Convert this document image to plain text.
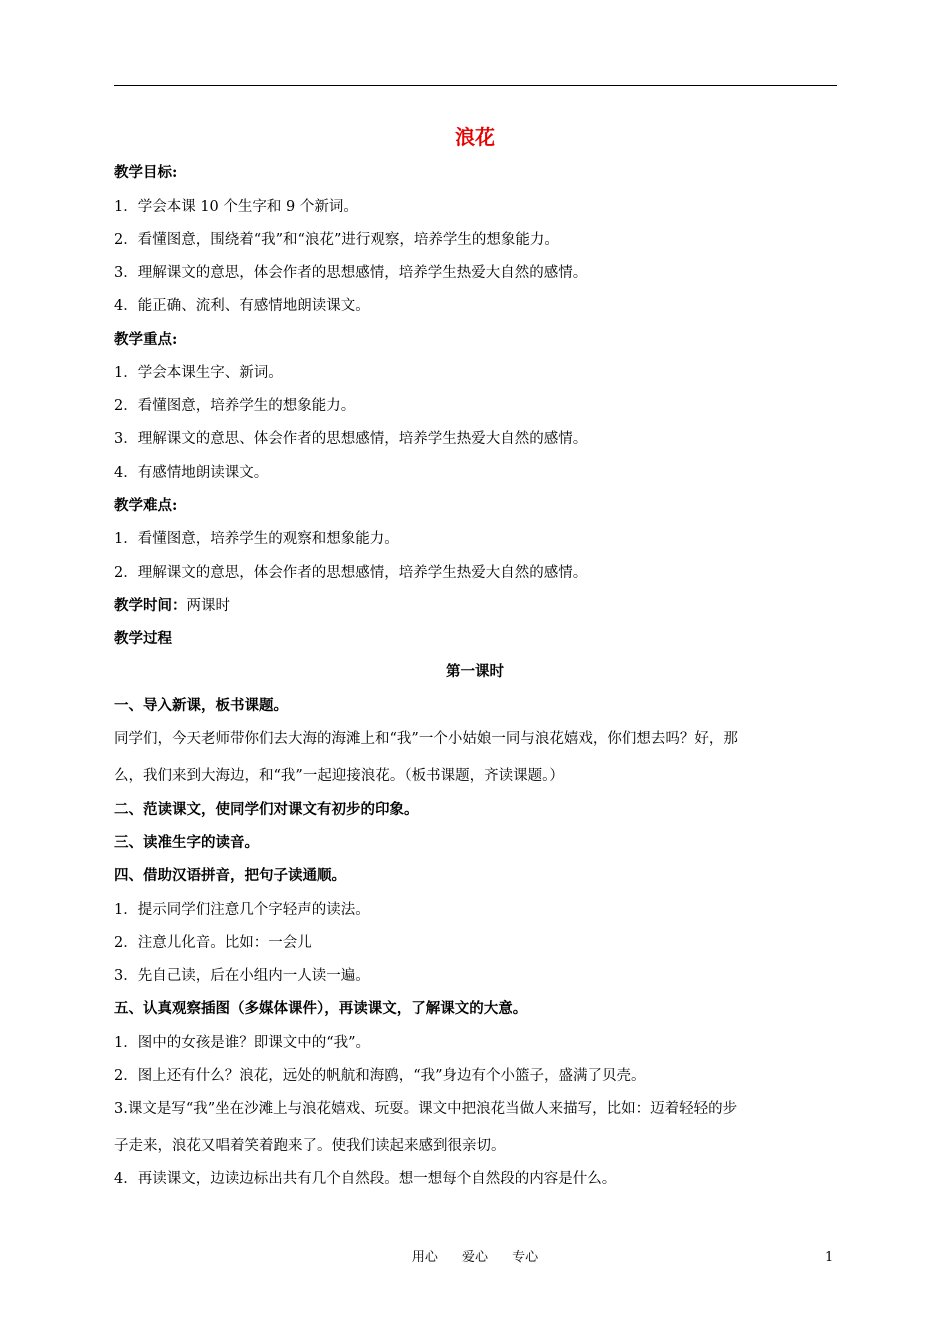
浪花
教学目标:
1．学会本课 10 个生字和 9 个新词。
2．看懂图意，围绕着“我”和“浪花”进行观察，培养学生的想象能力。
3．理解课文的意思，体会作者的思想感情，培养学生热爱大自然的感情。
4．能正确、流利、有感情地朗读课文。
教学重点:
1．学会本课生字、新词。
2．看懂图意，培养学生的想象能力。
3．理解课文的意思、体会作者的思想感情，培养学生热爱大自然的感情。
4．有感情地朗读课文。
教学难点:
1．看懂图意，培养学生的观察和想象能力。
2．理解课文的意思，体会作者的思想感情，培养学生热爱大自然的感情。
教学时间：两课时
教学过程
第一课时
一、导入新课，板书课题。
同学们，今天老师带你们去大海的海滩上和“我”一个小姑娘一同与浪花嬉戏，你们想去吗？好，那
么，我们来到大海边，和“我”一起迎接浪花。（板书课题，齐读课题。）
二、范读课文，使同学们对课文有初步的印象。
三、读准生字的读音。
四、借助汉语拼音，把句子读通顺。
1．提示同学们注意几个字轻声的读法。
2．注意儿化音。比如：一会儿
3．先自己读，后在小组内一人读一遍。
五、认真观察插图（多媒体课件），再读课文，了解课文的大意。
1．图中的女孩是谁？即课文中的“我”。
2．图上还有什么？浪花，远处的帆航和海鸥，“我”身边有个小篮子，盛满了贝壳。
3.课文是写“我”坐在沙滩上与浪花嬉戏、玩耍。课文中把浪花当做人来描写，比如：迈着轻轻的步
子走来，浪花又唱着笑着跑来了。使我们读起来感到很亲切。
4．再读课文，边读边标出共有几个自然段。想一想每个自然段的内容是什么。
用心 爱心 专心	1
